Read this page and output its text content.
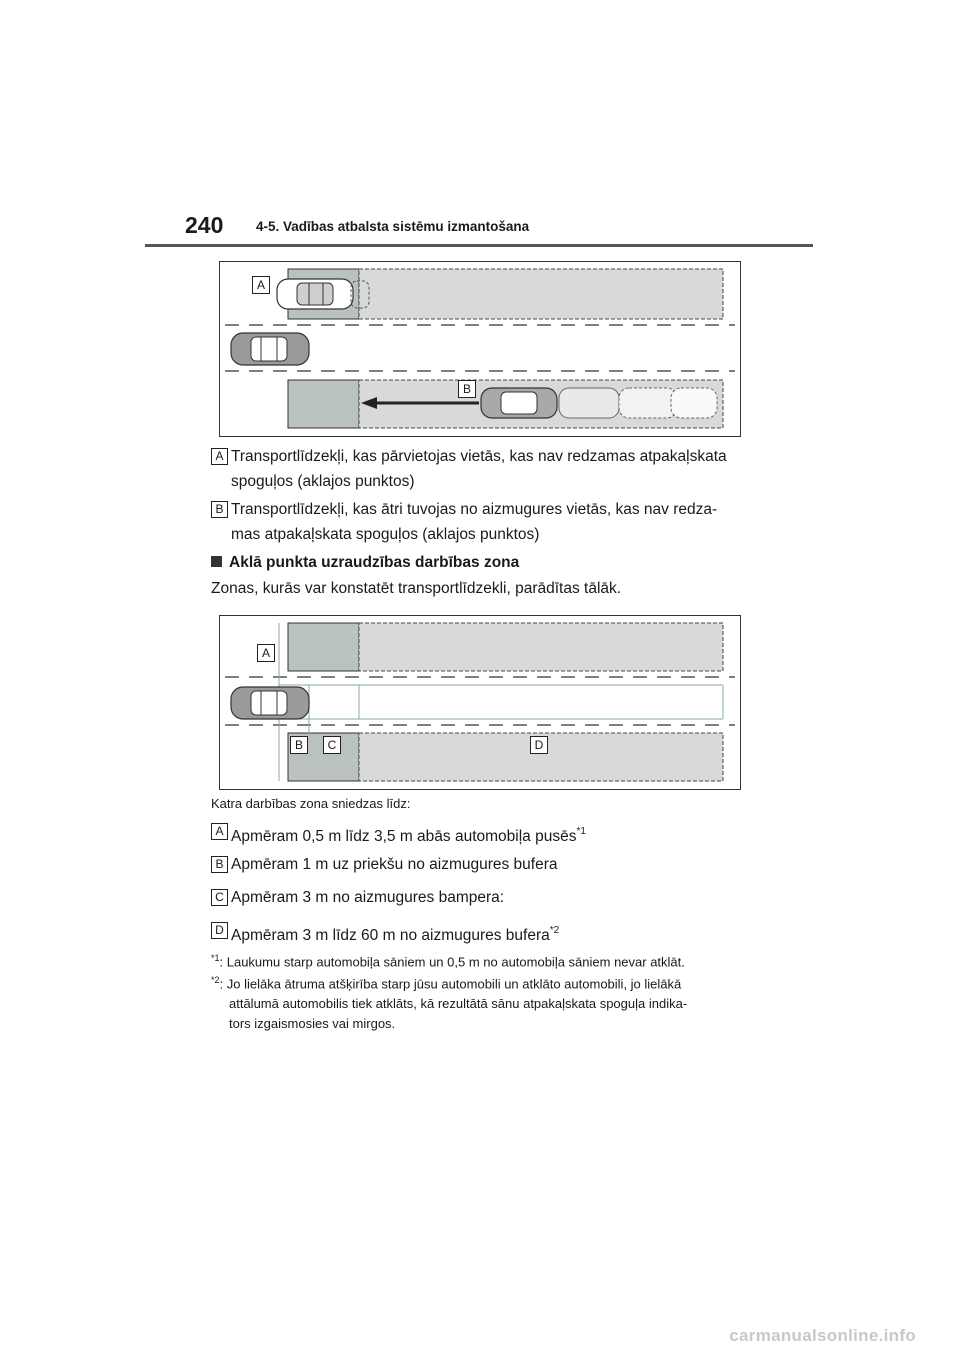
240 4-5. Vadības atbalsta sistēmu izmantošana
A
B
A Transportlīdzekļi, kas pārvietojas vietās, kas nav redzamas atpakaļskata
spoguļos (aklajos punktos)
B Transportlīdzekļi, kas ātri tuvojas no aizmugures vietās, kas nav redza-
mas atpakaļskata spoguļos (aklajos punktos)
Aklā punkta uzraudzības darbības zona
Zonas, kurās var konstatēt transportlīdzekli, parādītas tālāk.
A
B	C	D
Katra darbības zona sniedzas līdz:
A Apmēram 0,5 m līdz 3,5 m abās automobiļa pusēs$^{*1}$
B Apmēram 1 m uz priekšu no aizmugures bufera
C Apmēram 3 m no aizmugures bampera:
D Apmēram 3 m līdz 60 m no aizmugures bufera$^{*2}$
$^{*1}$: Laukumu starp automobiļa sāniem un 0,5 m no automobiļa sāniem nevar atklāt.
$^{*2}$: Jo lielāka ātruma atšķirība starp jūsu automobili un atklāto automobili, jo lielākā
attālumā automobilis tiek atklāts, kā rezultātā sānu atpakaļskata spoguļa indika-
tors izgaismosies vai mirgos.
carmanualsonline.info
